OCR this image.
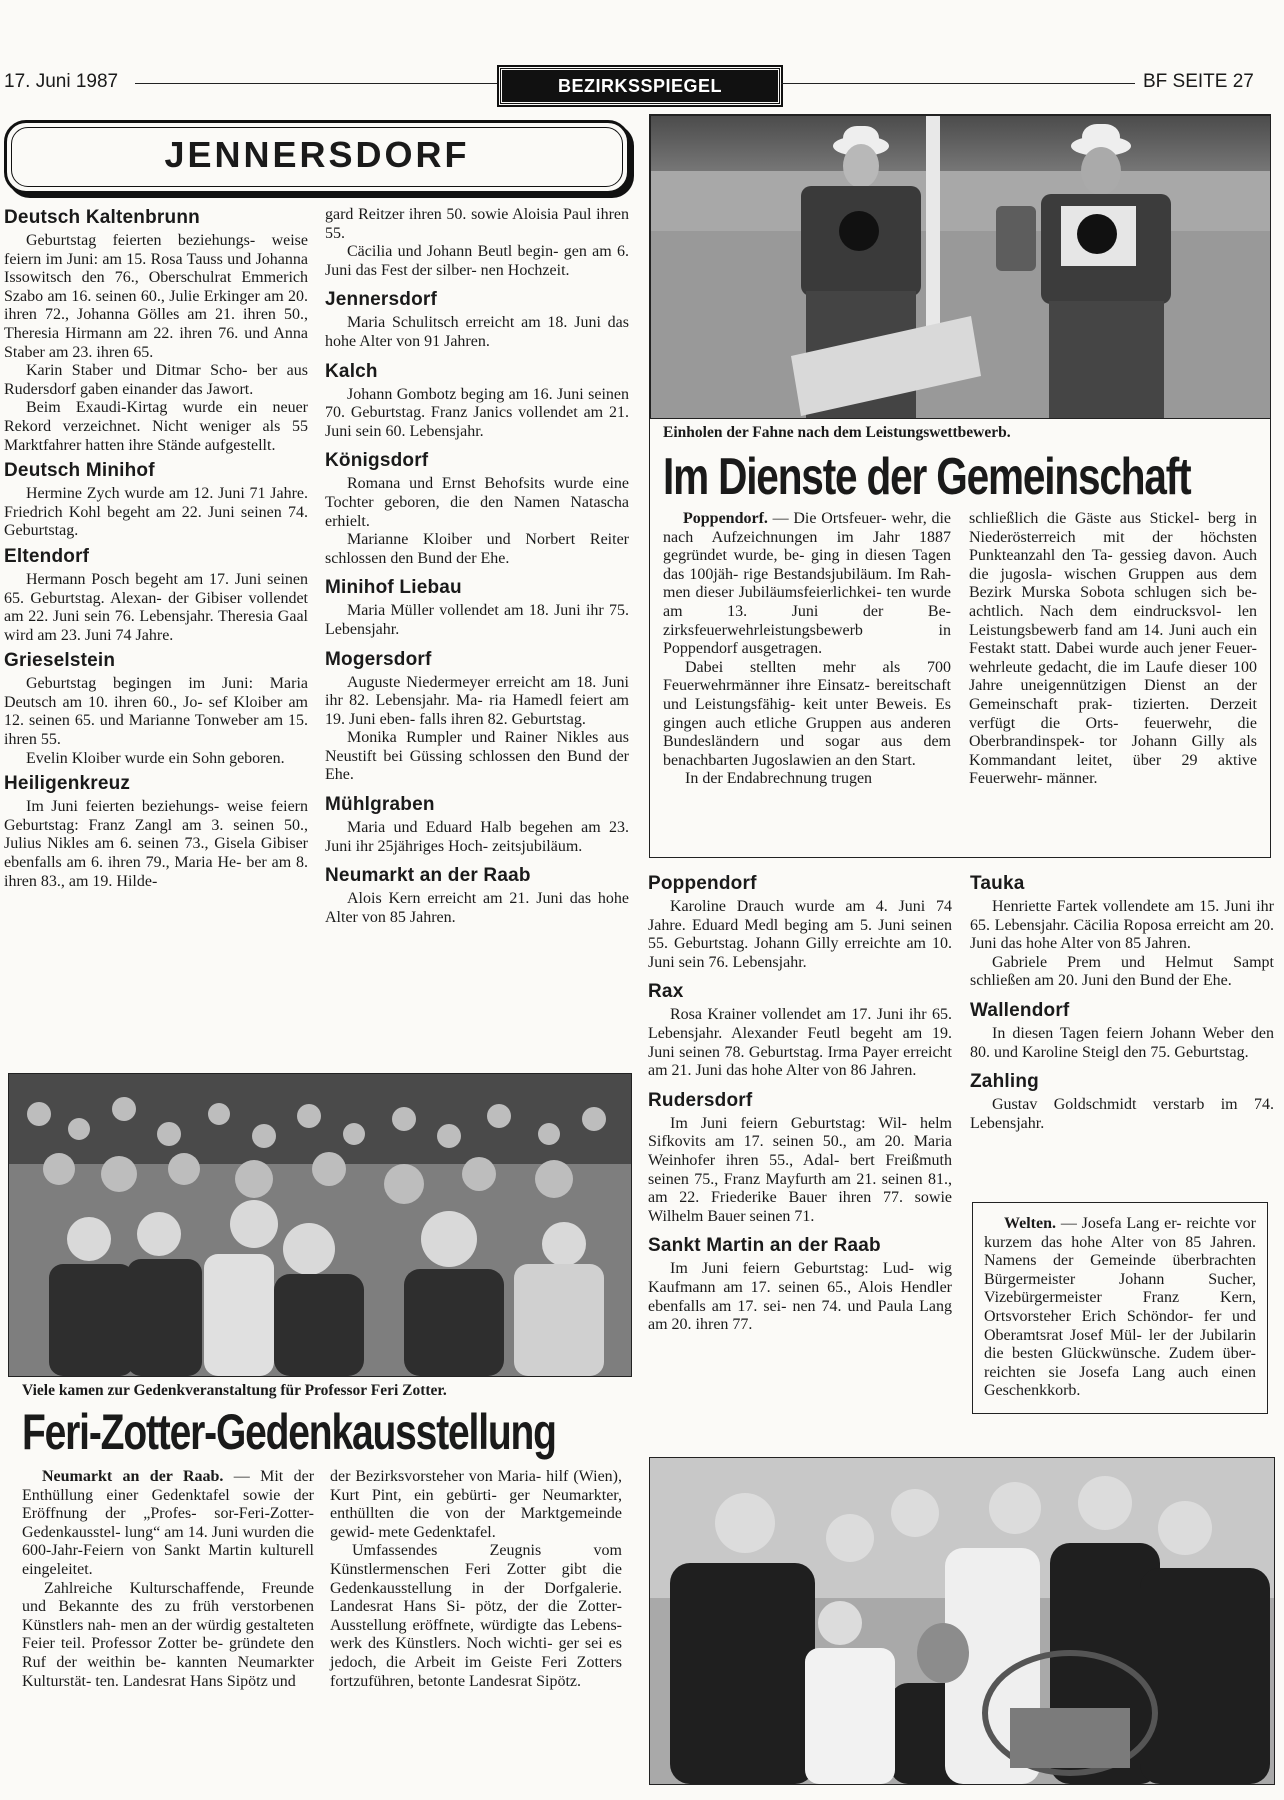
17. Juni 1987	BEZIRKSSPIEGEL	BF SEITE 27
JENNERSDORF
Deutsch Kaltenbrunn

Geburtstag feierten beziehungs- weise feiern im Juni: am 15. Rosa Tauss und Johanna Issowitsch den 76., Oberschulrat Emmerich Szabo am 16. seinen 60., Julie Erkinger am 20. ihren 72., Johanna Gölles am 21. ihren 50., Theresia Hirmann am 22. ihren 76. und Anna Staber am 23. ihren 65.

Karin Staber und Ditmar Scho- ber aus Rudersdorf gaben einander das Jawort.

Beim Exaudi-Kirtag wurde ein neuer Rekord verzeichnet. Nicht weniger als 55 Marktfahrer hatten ihre Stände aufgestellt.

Deutsch Minihof

Hermine Zych wurde am 12. Juni 71 Jahre. Friedrich Kohl begeht am 22. Juni seinen 74. Geburtstag.

Eltendorf

Hermann Posch begeht am 17. Juni seinen 65. Geburtstag. Alexan- der Gibiser vollendet am 22. Juni sein 76. Lebensjahr. Theresia Gaal wird am 23. Juni 74 Jahre.

Grieselstein

Geburtstag begingen im Juni: Maria Deutsch am 10. ihren 60., Jo- sef Kloiber am 12. seinen 65. und Marianne Tonweber am 15. ihren 55.

Evelin Kloiber wurde ein Sohn geboren.

Heiligenkreuz

Im Juni feierten beziehungs- weise feiern Geburtstag: Franz Zangl am 3. seinen 50., Julius Nikles am 6. seinen 73., Gisela Gibiser ebenfalls am 6. ihren 79., Maria He- ber am 8. ihren 83., am 19. Hilde-

gard Reitzer ihren 50. sowie Aloisia Paul ihren 55.

Cäcilia und Johann Beutl begin- gen am 6. Juni das Fest der silber- nen Hochzeit.

Jennersdorf

Maria Schulitsch erreicht am 18. Juni das hohe Alter von 91 Jahren.

Kalch

Johann Gombotz beging am 16. Juni seinen 70. Geburtstag. Franz Janics vollendet am 21. Juni sein 60. Lebensjahr.

Königsdorf

Romana und Ernst Behofsits wurde eine Tochter geboren, die den Namen Natascha erhielt.

Marianne Kloiber und Norbert Reiter schlossen den Bund der Ehe.

Minihof Liebau

Maria Müller vollendet am 18. Juni ihr 75. Lebensjahr.

Mogersdorf

Auguste Niedermeyer erreicht am 18. Juni ihr 82. Lebensjahr. Ma- ria Hamedl feiert am 19. Juni eben- falls ihren 82. Geburtstag.

Monika Rumpler und Rainer Nikles aus Neustift bei Güssing schlossen den Bund der Ehe.

Mühlgraben

Maria und Eduard Halb begehen am 23. Juni ihr 25jähriges Hoch- zeitsjubiläum.

Neumarkt an der Raab

Alois Kern erreicht am 21. Juni das hohe Alter von 85 Jahren.

Einholen der Fahne nach dem Leistungswettbewerb.
Im Dienste der Gemeinschaft

Poppendorf. — Die Ortsfeuer- wehr, die nach Aufzeichnungen im Jahr 1887 gegründet wurde, be- ging in diesen Tagen das 100jäh- rige Bestandsjubiläum. Im Rah- men dieser Jubiläumsfeierlichkei- ten wurde am 13. Juni der Be- zirksfeuerwehrleistungsbewerb in Poppendorf ausgetragen.

Dabei stellten mehr als 700 Feuerwehrmänner ihre Einsatz- bereitschaft und Leistungsfähig- keit unter Beweis. Es gingen auch etliche Gruppen aus anderen Bundesländern und sogar aus dem benachbarten Jugoslawien an den Start.

In der Endabrechnung trugen

schließlich die Gäste aus Stickel- berg in Niederösterreich mit der höchsten Punkteanzahl den Ta- gessieg davon. Auch die jugosla- wischen Gruppen aus dem Bezirk Murska Sobota schlugen sich be- achtlich. Nach dem eindrucksvol- len Leistungsbewerb fand am 14. Juni auch ein Festakt statt. Dabei wurde auch jener Feuer- wehrleute gedacht, die im Laufe dieser 100 Jahre uneigennützigen Dienst an der Gemeinschaft prak- tizierten. Derzeit verfügt die Orts- feuerwehr, die Oberbrandinspek- tor Johann Gilly als Kommandant leitet, über 29 aktive Feuerwehr- männer.

Poppendorf

Karoline Drauch wurde am 4. Juni 74 Jahre. Eduard Medl beging am 5. Juni seinen 55. Geburtstag. Johann Gilly erreichte am 10. Juni sein 76. Lebensjahr.

Rax

Rosa Krainer vollendet am 17. Juni ihr 65. Lebensjahr. Alexander Feutl begeht am 19. Juni seinen 78. Geburtstag. Irma Payer erreicht am 21. Juni das hohe Alter von 86 Jahren.

Rudersdorf

Im Juni feiern Geburtstag: Wil- helm Sifkovits am 17. seinen 50., am 20. Maria Weinhofer ihren 55., Adal- bert Freißmuth seinen 75., Franz Mayfurth am 21. seinen 81., am 22. Friederike Bauer ihren 77. sowie Wilhelm Bauer seinen 71.

Sankt Martin an der Raab

Im Juni feiern Geburtstag: Lud- wig Kaufmann am 17. seinen 65., Alois Hendler ebenfalls am 17. sei- nen 74. und Paula Lang am 20. ihren 77.

Tauka

Henriette Fartek vollendete am 15. Juni ihr 65. Lebensjahr. Cäcilia Roposa erreicht am 20. Juni das hohe Alter von 85 Jahren.

Gabriele Prem und Helmut Sampt schließen am 20. Juni den Bund der Ehe.

Wallendorf

In diesen Tagen feiern Johann Weber den 80. und Karoline Steigl den 75. Geburtstag.

Zahling

Gustav Goldschmidt verstarb im 74. Lebensjahr.

Welten. — Josefa Lang er- reichte vor kurzem das hohe Alter von 85 Jahren. Namens der Gemeinde überbrachten Bürgermeister Johann Sucher, Vizebürgermeister Franz Kern, Ortsvorsteher Erich Schöndor- fer und Oberamtsrat Josef Mül- ler der Jubilarin die besten Glückwünsche. Zudem über- reichten sie Josefa Lang auch einen Geschenkkorb.

Viele kamen zur Gedenkveranstaltung für Professor Feri Zotter.
Feri-Zotter-Gedenkausstellung

Neumarkt an der Raab. — Mit der Enthüllung einer Gedenktafel sowie der Eröffnung der „Profes- sor-Feri-Zotter-Gedenkausstel- lung“ am 14. Juni wurden die 600-Jahr-Feiern von Sankt Martin kulturell eingeleitet.

Zahlreiche Kulturschaffende, Freunde und Bekannte des zu früh verstorbenen Künstlers nah- men an der würdig gestalteten Feier teil. Professor Zotter be- gründete den Ruf der weithin be- kannten Neumarkter Kulturstät- ten. Landesrat Hans Sipötz und

der Bezirksvorsteher von Maria- hilf (Wien), Kurt Pint, ein gebürti- ger Neumarkter, enthüllten die von der Marktgemeinde gewid- mete Gedenktafel.

Umfassendes Zeugnis vom Künstlermenschen Feri Zotter gibt die Gedenkausstellung in der Dorfgalerie. Landesrat Hans Si- pötz, der die Zotter-Ausstellung eröffnete, würdigte das Lebens- werk des Künstlers. Noch wichti- ger sei es jedoch, die Arbeit im Geiste Feri Zotters fortzuführen, betonte Landesrat Sipötz.
